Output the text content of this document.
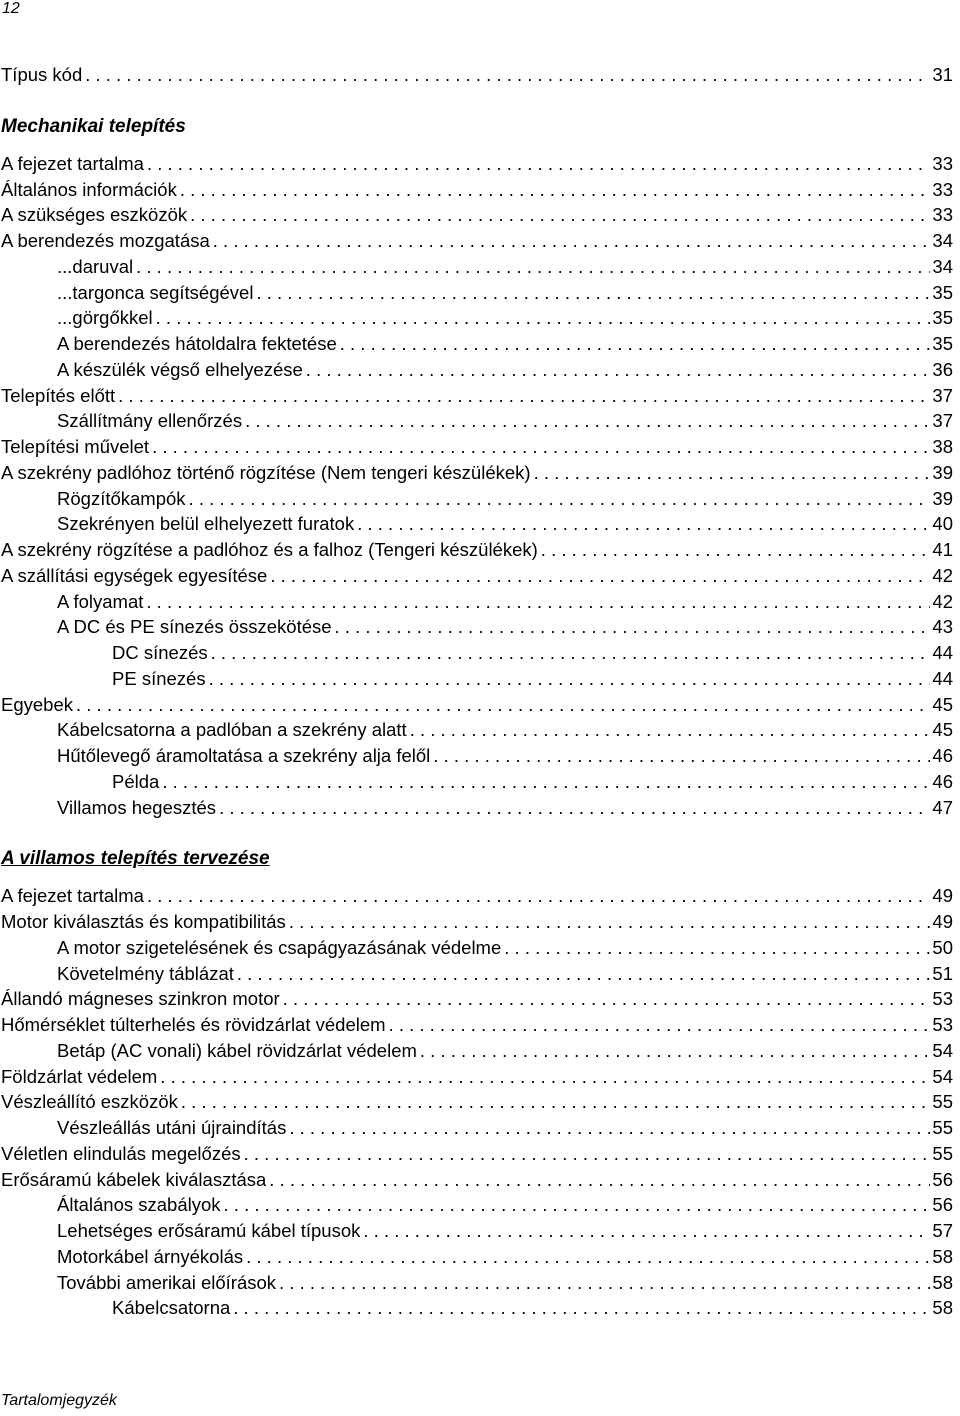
12
Típus kód . . .	31
Mechanikai telepítés
A fejezet tartalma . . .	33
Általános információk . . .	33
A szükséges eszközök . . .	33
A berendezés mozgatása . . .	34
...daruval . . .	34
...targonca segítségével . . .	35
...görgőkkel . . .	35
A berendezés hátoldalra fektetése . . .	35
A készülék végső elhelyezése . . .	36
Telepítés előtt . . .	37
Szállítmány ellenőrzés . . .	37
Telepítési művelet . . .	38
A szekrény padlóhoz történő rögzítése (Nem tengeri készülékek) . . .	39
Rögzítőkampók . . .	39
Szekrényen belül elhelyezett furatok . . .	40
A szekrény rögzítése a padlóhoz és a falhoz (Tengeri készülékek) . . .	41
A szállítási egységek egyesítése . . .	42
A folyamat . . .	42
A DC és PE sínezés összekötése . . .	43
DC sínezés . . .	44
PE sínezés . . .	44
Egyebek . . .	45
Kábelcsatorna a padlóban a szekrény alatt . . .	45
Hűtőlevegő áramoltatása a szekrény alja felől . . .	46
Példa . . .	46
Villamos hegesztés . . .	47
A villamos telepítés tervezése
A fejezet tartalma . . .	49
Motor kiválasztás és kompatibilitás . . .	49
A motor szigetelésének és csapágyazásának védelme . . .	50
Követelmény táblázat . . .	51
Állandó mágneses szinkron motor . . .	53
Hőmérséklet túlterhelés és rövidzárlat védelem . . .	53
Betáp (AC vonali) kábel rövidzárlat védelem . . .	54
Földzárlat védelem . . .	54
Vészleállító eszközök . . .	55
Vészleállás utáni újraindítás . . .	55
Véletlen elindulás megelőzés . . .	55
Erősáramú kábelek kiválasztása . . .	56
Általános szabályok . . .	56
Lehetséges erősáramú kábel típusok . . .	57
Motorkábel árnyékolás . . .	58
További amerikai előírások . . .	58
Kábelcsatorna . . .	58
Tartalomjegyzék
